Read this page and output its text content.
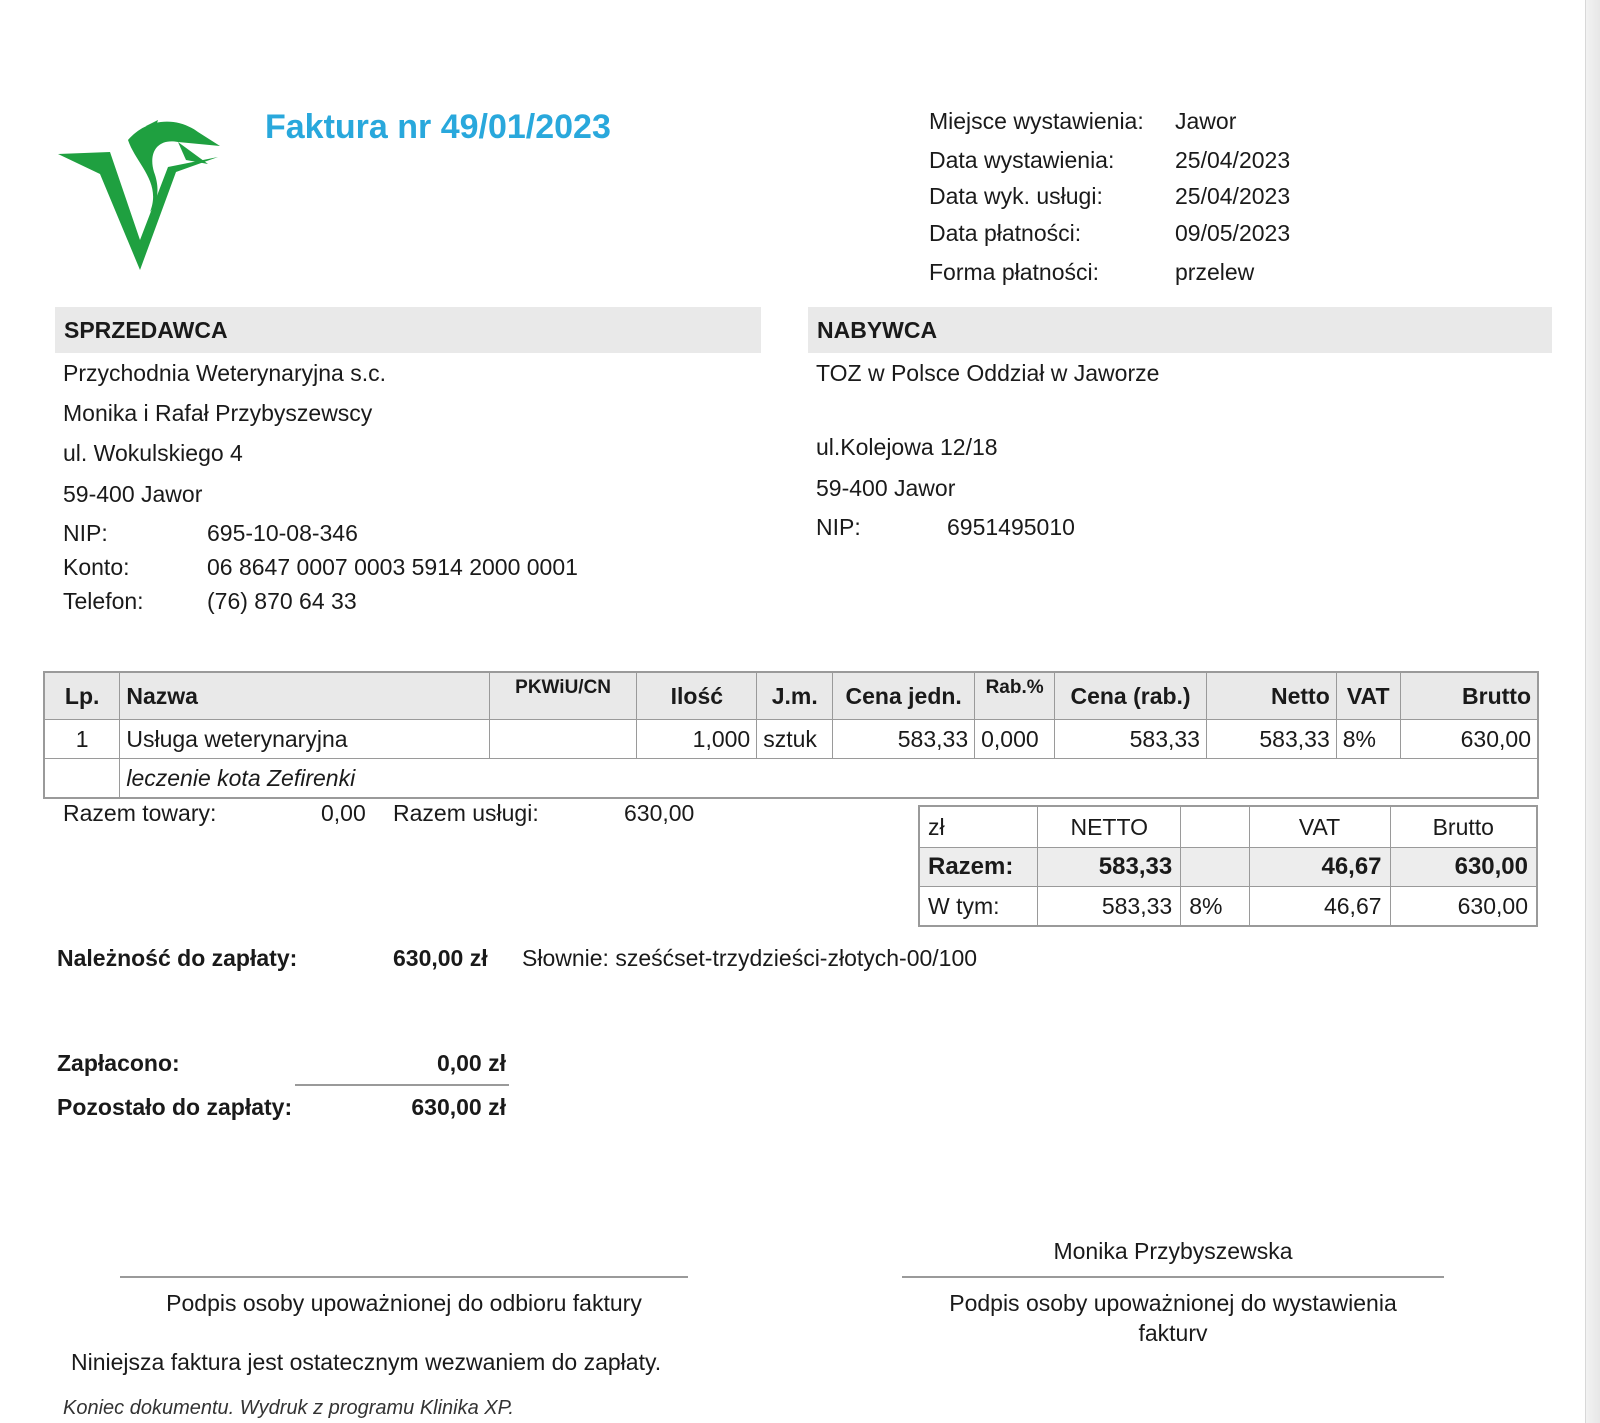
Faktura nr 49/01/2023	Miejsce wystawienia: Jawor
Data wystawienia:	25/04/2023
Data wyk. usługi:	25/04/2023
Data płatności:	09/05/2023
Forma płatności:	przelew
SPRZEDAWCA
Przychodnia Weterynaryjna s.c.
Monika i Rafał Przybyszewscy
ul. Wokulskiego 4
59-400 Jawor
NIP:	695-10-08-346
Konto:	06 8647 0007 0003 5914 2000 0001
Telefon:	(76) 870 64 33
NABYWCA
TOZ w Polsce Oddział w Jaworze
ul.Kolejowa 12/18
59-400 Jawor
NIP:	6951495010
Lp.	Nazwa	PKWiU/CN	Ilość	J.m.	Cena jedn.	Rab.%	Cena (rab.)	Netto	VAT	Brutto
1	Usługa weterynaryjna		1,000	sztuk	583,33	0,000	583,33	583,33	8%	630,00
	leczenie kota Zefirenki									
Razem towary:	0,00 Razem usługi:	630,00
zł	NETTO		VAT	Brutto
Razem:	583,33		46,67	630,00
W tym:	583,33	8%	46,67	630,00
Należność do zapłaty:	630,00 zł Słownie: sześćset-trzydzieści-złotych-00/100
Zapłacono:	0,00 zł
Pozostało do zapłaty:	630,00 zł
Monika Przybyszewska
Podpis osoby upoważnionej do odbioru faktury	Podpis osoby upoważnionej do wystawienia
fakturv
Niniejsza faktura jest ostatecznym wezwaniem do zapłaty.
Koniec dokumentu. Wydruk z programu Klinika XP.
